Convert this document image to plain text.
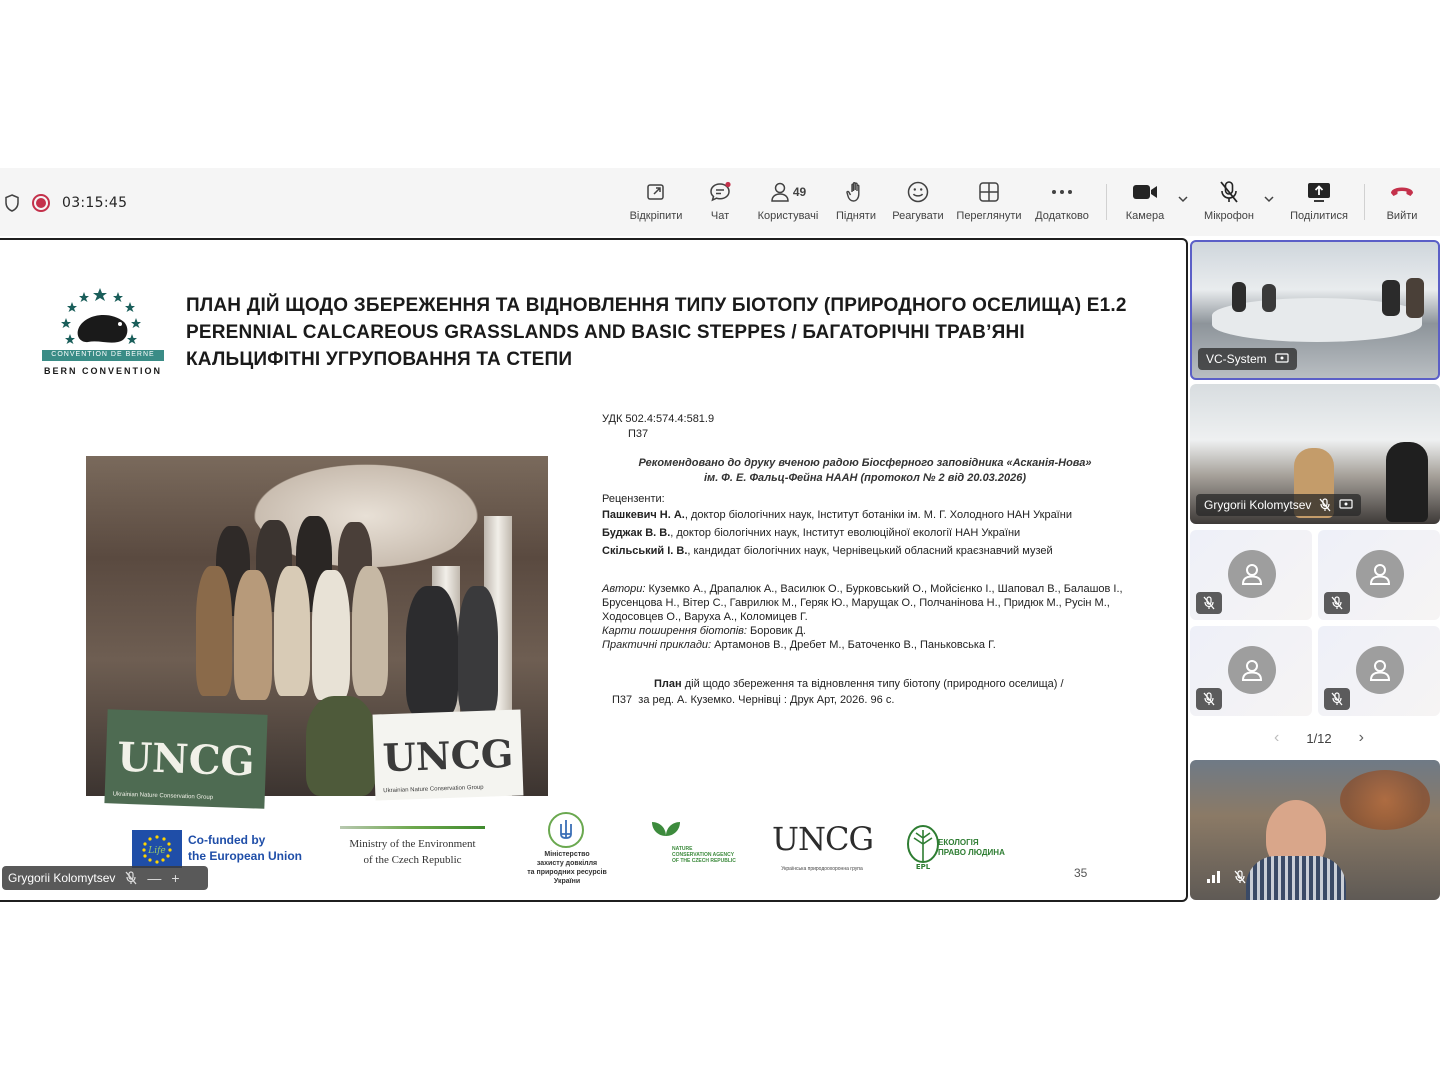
03:15:45
Відкріпити	Чат
49
Користувачі Підняти Реагувати Переглянути Додатково	Камера	Мікрофон	Поділитися	Вийти
CONVENTION DE BERNE
BERN CONVENTION
ПЛАН ДІЙ ЩОДО ЗБЕРЕЖЕННЯ ТА ВІДНОВЛЕННЯ ТИПУ БІОТОПУ (ПРИРОДНОГО ОСЕЛИЩА) E1.2 PERENNIAL CALCAREOUS GRASSLANDS AND BASIC STEPPES / БАГАТОРІЧНІ ТРАВ’ЯНІ КАЛЬЦИФІТНІ УГРУПОВАННЯ ТА СТЕПИ
UNCG
Ukrainian Nature Conservation Group
UNCG
Ukrainian Nature Conservation Group
УДК 502.4:574.4:581.9
П37
Рекомендовано до друку вченою радою Біосферного заповідника «Асканія-Нова»
ім. Ф. Е. Фальц-Фейна НААН (протокол № 2 від 20.03.2026)
Рецензенти:
Пашкевич Н. А., доктор біологічних наук, Інститут ботаніки ім. М. Г. Холодного НАН України
Буджак В. В., доктор біологічних наук, Інститут еволюційної екології НАН України
Скільський І. В., кандидат біологічних наук, Чернівецький обласний краєзнавчий музей
Автори: Куземко А., Драпалюк А., Василюк О., Бурковський О., Мойсієнко І., Шаповал В., Балашов І., Брусенцова Н., Вітер С., Гаврилюк М., Геряк Ю., Марущак О., Полчанінова Н., Придюк М., Русін М., Ходосовцев О., Варуха А., Коломицев Г.
Карти поширення біотопів: Боровик Д.
Практичні приклади: Артамонов В., Дребет М., Баточенко В., Паньковська Г.
План дій щодо збереження та відновлення типу біотопу (природного оселища) /
П37 за ред. А. Куземко. Чернівці : Друк Арт, 2026. 96 с.
Life
Co-funded by
the European Union
Ministry of the Environment
of the Czech Republic	Міністерство
захисту довкілля
та природних ресурсів
України
NATURE
CONSERVATION AGENCY
OF THE CZECH REPUBLIC
UNCG
Українська природоохоронна група	EPL
ЕКОЛОГІЯ
ПРАВО ЛЮДИНА
35
Grygorii Kolomytsev — +
VC-System
Grygorii Kolomytsev
‹ 1/12 ›
